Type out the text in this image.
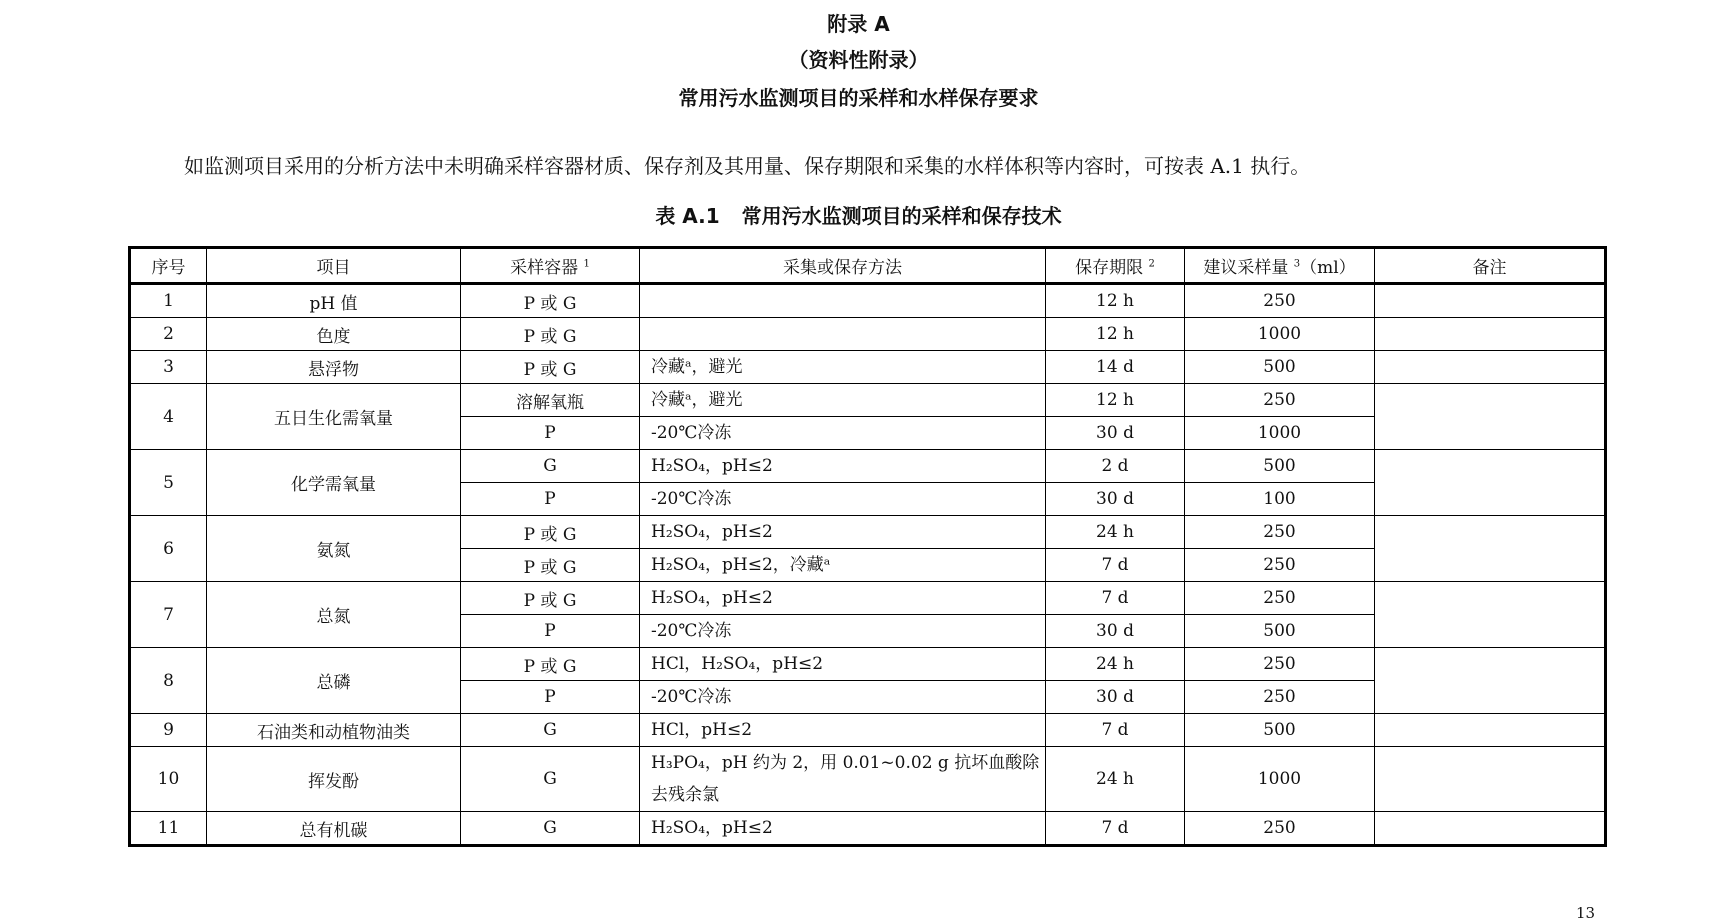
附录 A
（资料性附录）
常用污水监测项目的采样和水样保存要求
如监测项目采用的分析方法中未明确采样容器材质、保存剂及其用量、保存期限和采集的水样体积等内容时，可按表 A.1 执行。
表 A.1 常用污水监测项目的采样和保存技术
序号	项目	采样容器 $^1$	采集或保存方法	保存期限 $^2$	建议采样量 $^3$（ml）	备注
1	pH 值	P 或 G		12 h	250	
2	色度	P 或 G		12 h	1000	
3	悬浮物	P 或 G	冷藏ᵃ，避光	14 d	500	
4	五日生化需氧量	溶解氧瓶	冷藏ᵃ，避光	12 h	250	
		P	-20℃冷冻	30 d	1000	
5	化学需氧量	G	H₂SO₄，pH≤2	2 d	500	
		P	-20℃冷冻	30 d	100	
6	氨氮	P 或 G	H₂SO₄，pH≤2	24 h	250	
		P 或 G	H₂SO₄，pH≤2，冷藏ᵃ	7 d	250	
7	总氮	P 或 G	H₂SO₄，pH≤2	7 d	250	
		P	-20℃冷冻	30 d	500	
8	总磷	P 或 G	HCl，H₂SO₄，pH≤2	24 h	250	
		P	-20℃冷冻	30 d	250	
9	石油类和动植物油类	G	HCl，pH≤2	7 d	500	
10	挥发酚	G	H₃PO₄，pH 约为 2，用 0.01~0.02 g 抗坏血酸除去残余氯	24 h	1000	
11	总有机碳	G	H₂SO₄，pH≤2	7 d	250	
13
